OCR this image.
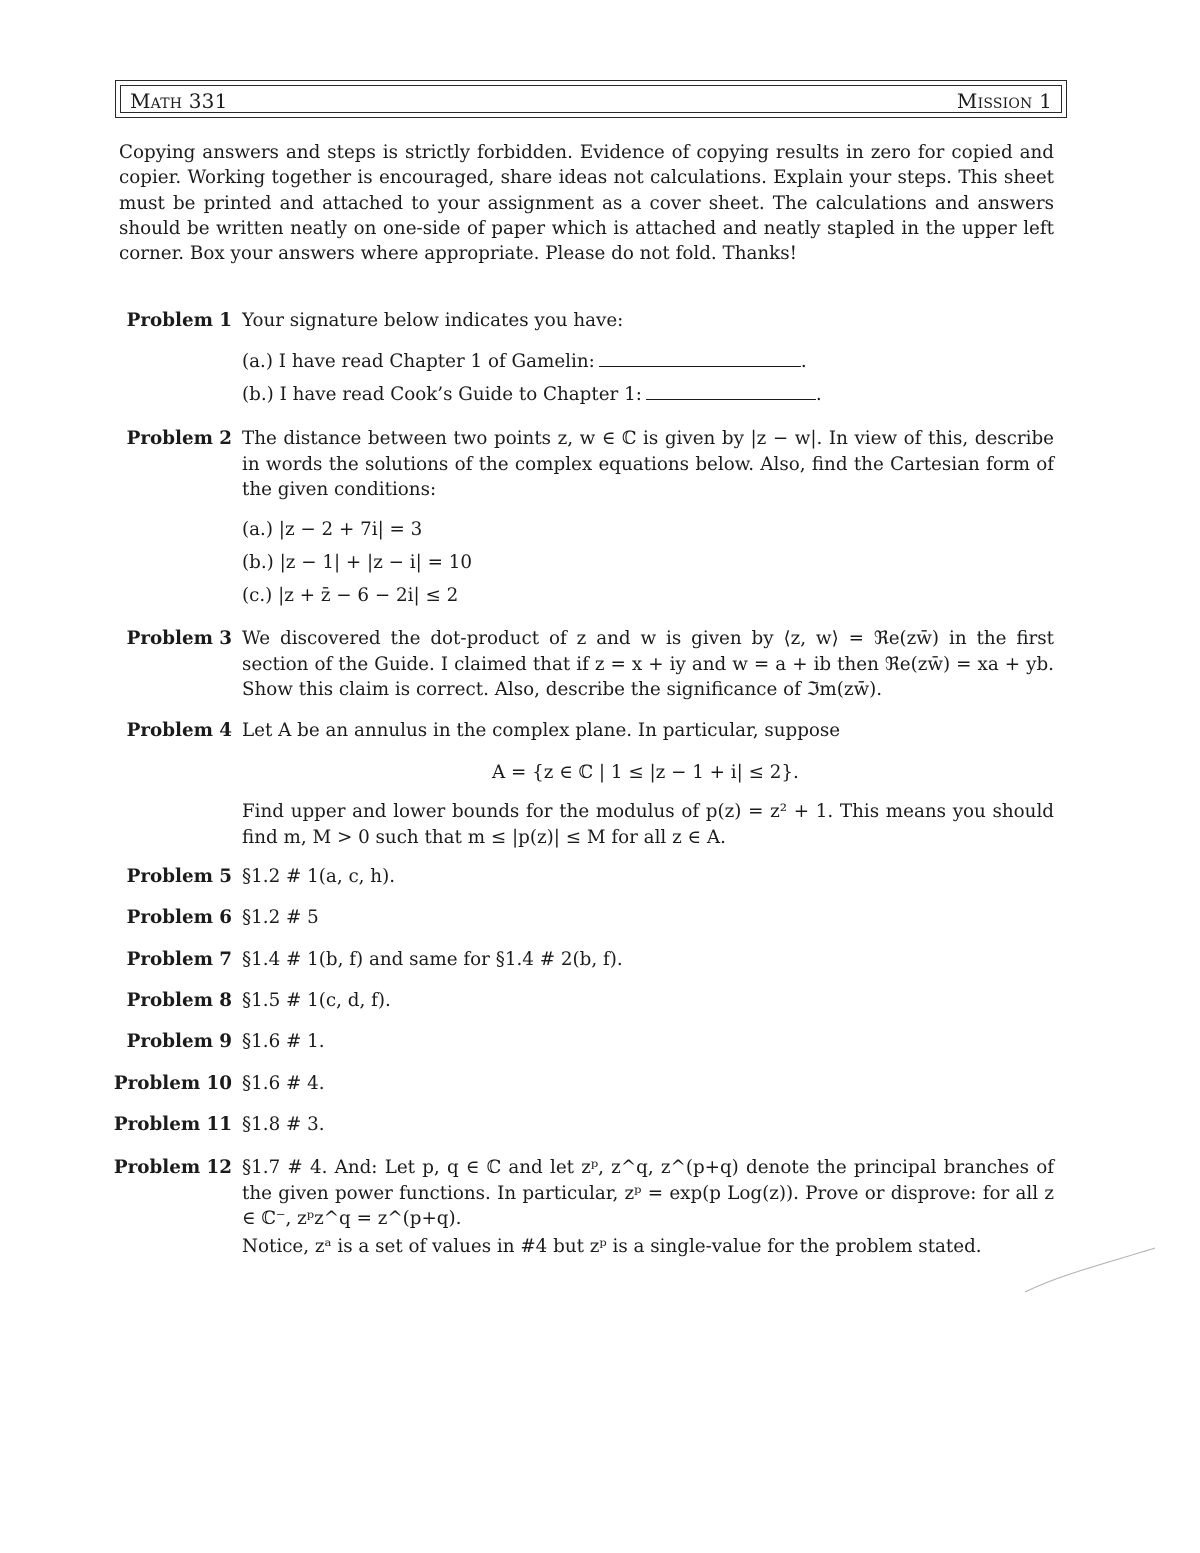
Math 331	Mission 1
Copying answers and steps is strictly forbidden. Evidence of copying results in zero for copied and copier. Working together is encouraged, share ideas not calculations. Explain your steps. This sheet must be printed and attached to your assignment as a cover sheet. The calculations and answers should be written neatly on one-side of paper which is attached and neatly stapled in the upper left corner. Box your answers where appropriate. Please do not fold. Thanks!
Problem 1 Your signature below indicates you have:
(a.) I have read Chapter 1 of Gamelin:	.
(b.) I have read Cook’s Guide to Chapter 1:	.
Problem 2 The distance between two points z, w ∈ ℂ is given by |z − w|. In view of this, describe in words the solutions of the complex equations below. Also, find the Cartesian form of the given conditions:
(a.) |z − 2 + 7i| = 3
(b.) |z − 1| + |z − i| = 10
(c.) |z + z̄ − 6 − 2i| ≤ 2
Problem 3 We discovered the dot-product of z and w is given by ⟨z, w⟩ = ℜe(zw̄) in the first section of the Guide. I claimed that if z = x + iy and w = a + ib then ℜe(zw̄) = xa + yb. Show this claim is correct. Also, describe the significance of ℑm(zw̄).
Problem 4 Let A be an annulus in the complex plane. In particular, suppose
A = {z ∈ ℂ | 1 ≤ |z − 1 + i| ≤ 2}.
Find upper and lower bounds for the modulus of p(z) = z² + 1. This means you should find m, M > 0 such that m ≤ |p(z)| ≤ M for all z ∈ A.
Problem 5 §1.2 # 1(a, c, h).
Problem 6 §1.2 # 5
Problem 7 §1.4 # 1(b, f) and same for §1.4 # 2(b, f).
Problem 8 §1.5 # 1(c, d, f).
Problem 9 §1.6 # 1.
Problem 10 §1.6 # 4.
Problem 11 §1.8 # 3.
Problem 12 §1.7 # 4. And: Let p, q ∈ ℂ and let zᵖ, z^q, z^(p+q) denote the principal branches of the given power functions. In particular, zᵖ = exp(p Log(z)). Prove or disprove: for all z ∈ ℂ⁻, zᵖz^q = z^(p+q).
Notice, zᵃ is a set of values in #4 but zᵖ is a single-value for the problem stated.
